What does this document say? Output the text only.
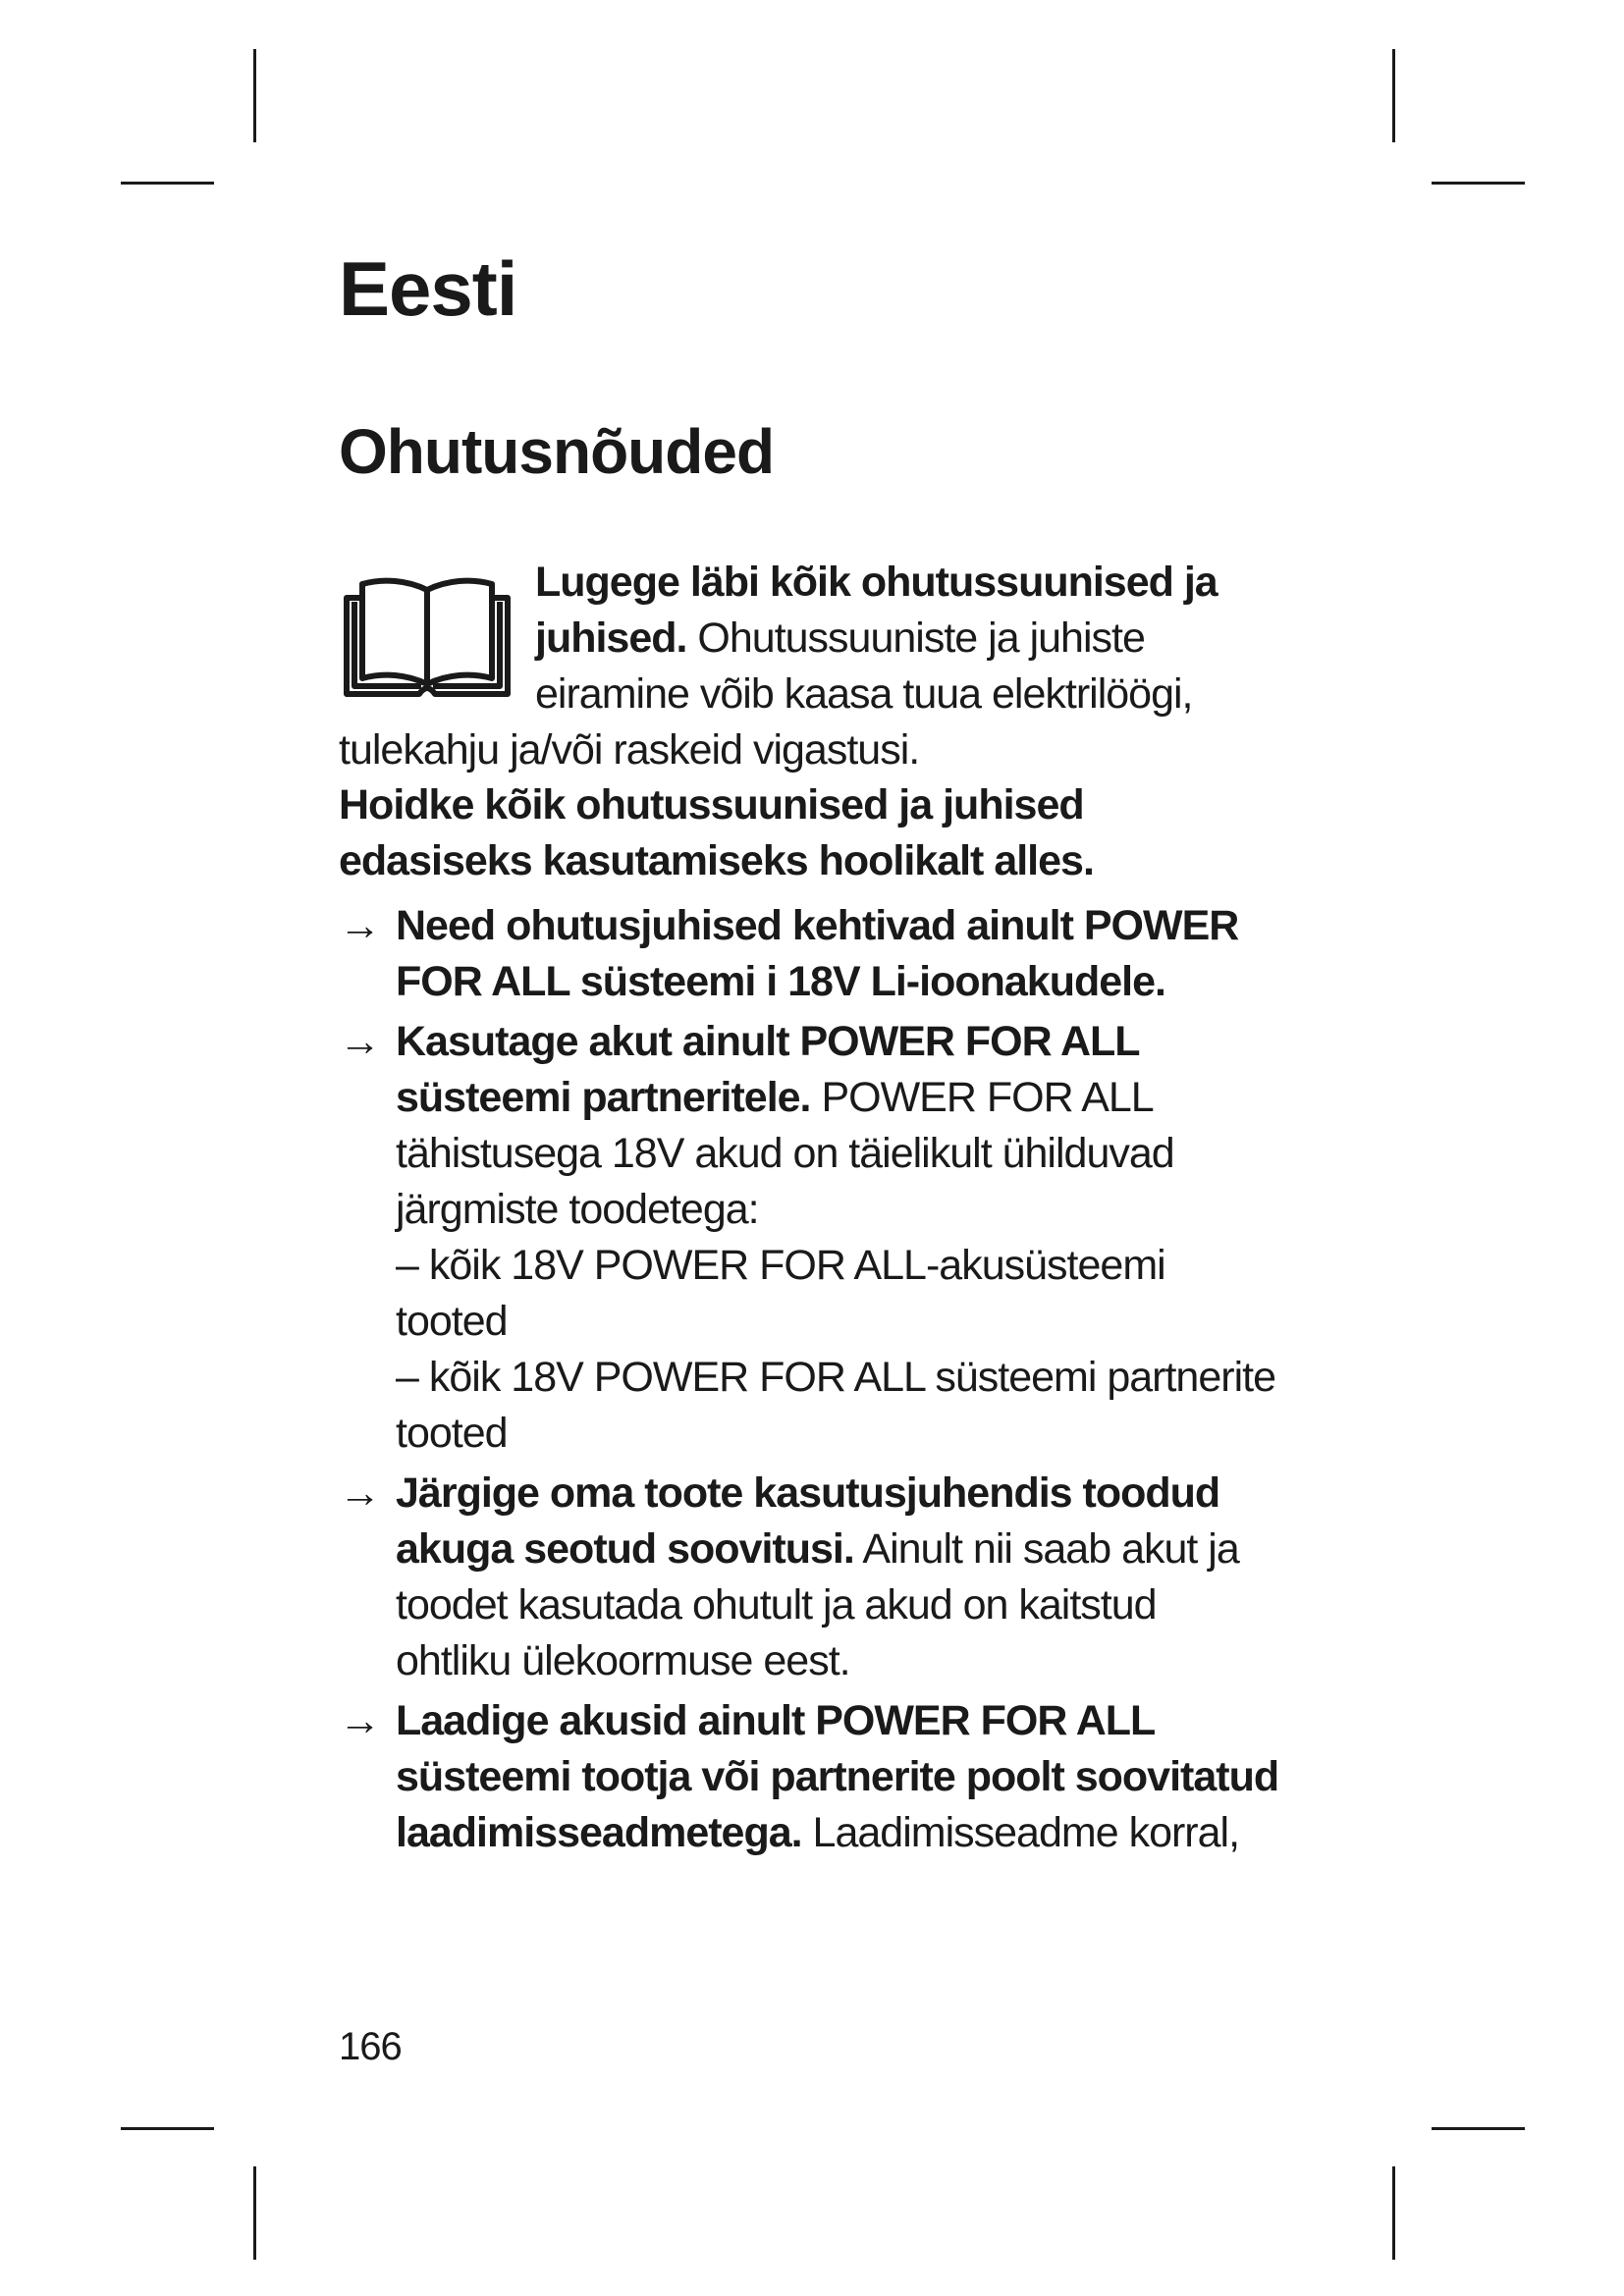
Eesti
Ohutusnõuded

Lugege läbi kõik ohutussuunised ja juhised. Ohutussuuniste ja juhiste eiramine võib kaasa tuua elektrilöögi, tulekahju ja/või raskeid vigastusi.

Hoidke kõik ohutussuunised ja juhised edasiseks kasutamiseks hoolikalt alles.

→ Need ohutusjuhised kehtivad ainult POWER FOR ALL süsteemi i 18V Li-ioonakudele.

→ Kasutage akut ainult POWER FOR ALL süsteemi partneritele. POWER FOR ALL tähistusega 18V akud on täielikult ühilduvad järgmiste toodetega:

– kõik 18V POWER FOR ALL-akusüsteemi tooted

– kõik 18V POWER FOR ALL süsteemi partnerite tooted

→ Järgige oma toote kasutusjuhendis toodud akuga seotud soovitusi. Ainult nii saab akut ja toodet kasutada ohutult ja akud on kaitstud ohtliku ülekoormuse eest.

→ Laadige akusid ainult POWER FOR ALL süsteemi tootja või partnerite poolt soovitatud laadimisseadmetega. Laadimisseadme korral,

166
